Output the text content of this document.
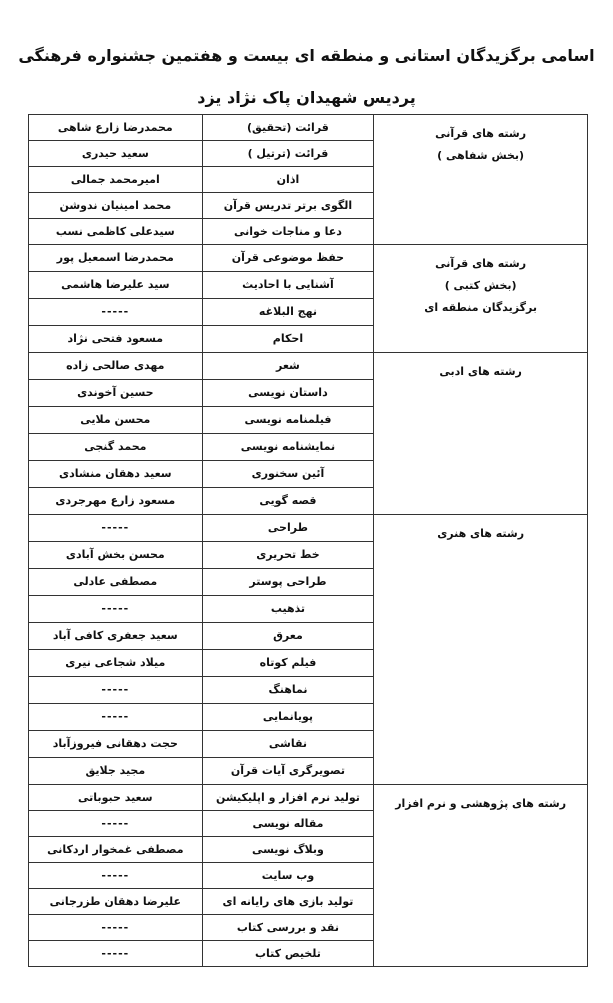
اسامی برگزیدگان استانی و منطقه ای بیست و هفتمین جشنواره فرهنگی
پردیس شهیدان پاک نژاد یزد
رشته های قرآنی
(بخش شفاهی )	قرائت (تحقیق)	محمدرضا زارع شاهی
	قرائت (ترتیل )	سعید حیدری
	اذان	امیرمحمد جمالی
	الگوی برتر تدریس قرآن	محمد امینیان ندوشن
	دعا و مناجات خوانی	سیدعلی کاظمی نسب

رشته های قرآنی
(بخش کتبی )
برگزیدگان منطقه ای	حفظ موضوعی قرآن	محمدرضا اسمعیل پور
	آشنایی با احادیث	سید علیرضا هاشمی
	نهج البلاغه	-----
	احکام	مسعود فتحی نژاد

رشته های ادبی	شعر	مهدی صالحی زاده
	داستان نویسی	حسین آخوندی
	فیلمنامه نویسی	محسن ملایی
	نمایشنامه نویسی	محمد گنجی
	آئین سخنوری	سعید دهقان منشادی
	قصه گویی	مسعود زارع مهرجردی

رشته های هنری	طراحی	-----
	خط تحریری	محسن بخش آبادی
	طراحی پوستر	مصطفی عادلی
	تذهیب	-----
	معرق	سعید جعفری کافی آباد
	فیلم کوتاه	میلاد شجاعی نیری
	نماهنگ	-----
	پویانمایی	-----
	نقاشی	حجت دهقانی فیروزآباد
	تصویرگری آیات قرآن	مجید جلایق

رشته های پژوهشی و نرم افزار	تولید نرم افزار و اپلیکیشن	سعید حبوباتی
	مقاله نویسی	-----
	وبلاگ نویسی	مصطفی غمخوار اردکانی
	وب سایت	-----
	تولید بازی های رایانه ای	علیرضا دهقان طزرجانی
	نقد و بررسی کتاب	-----
	تلخیص کتاب	-----
